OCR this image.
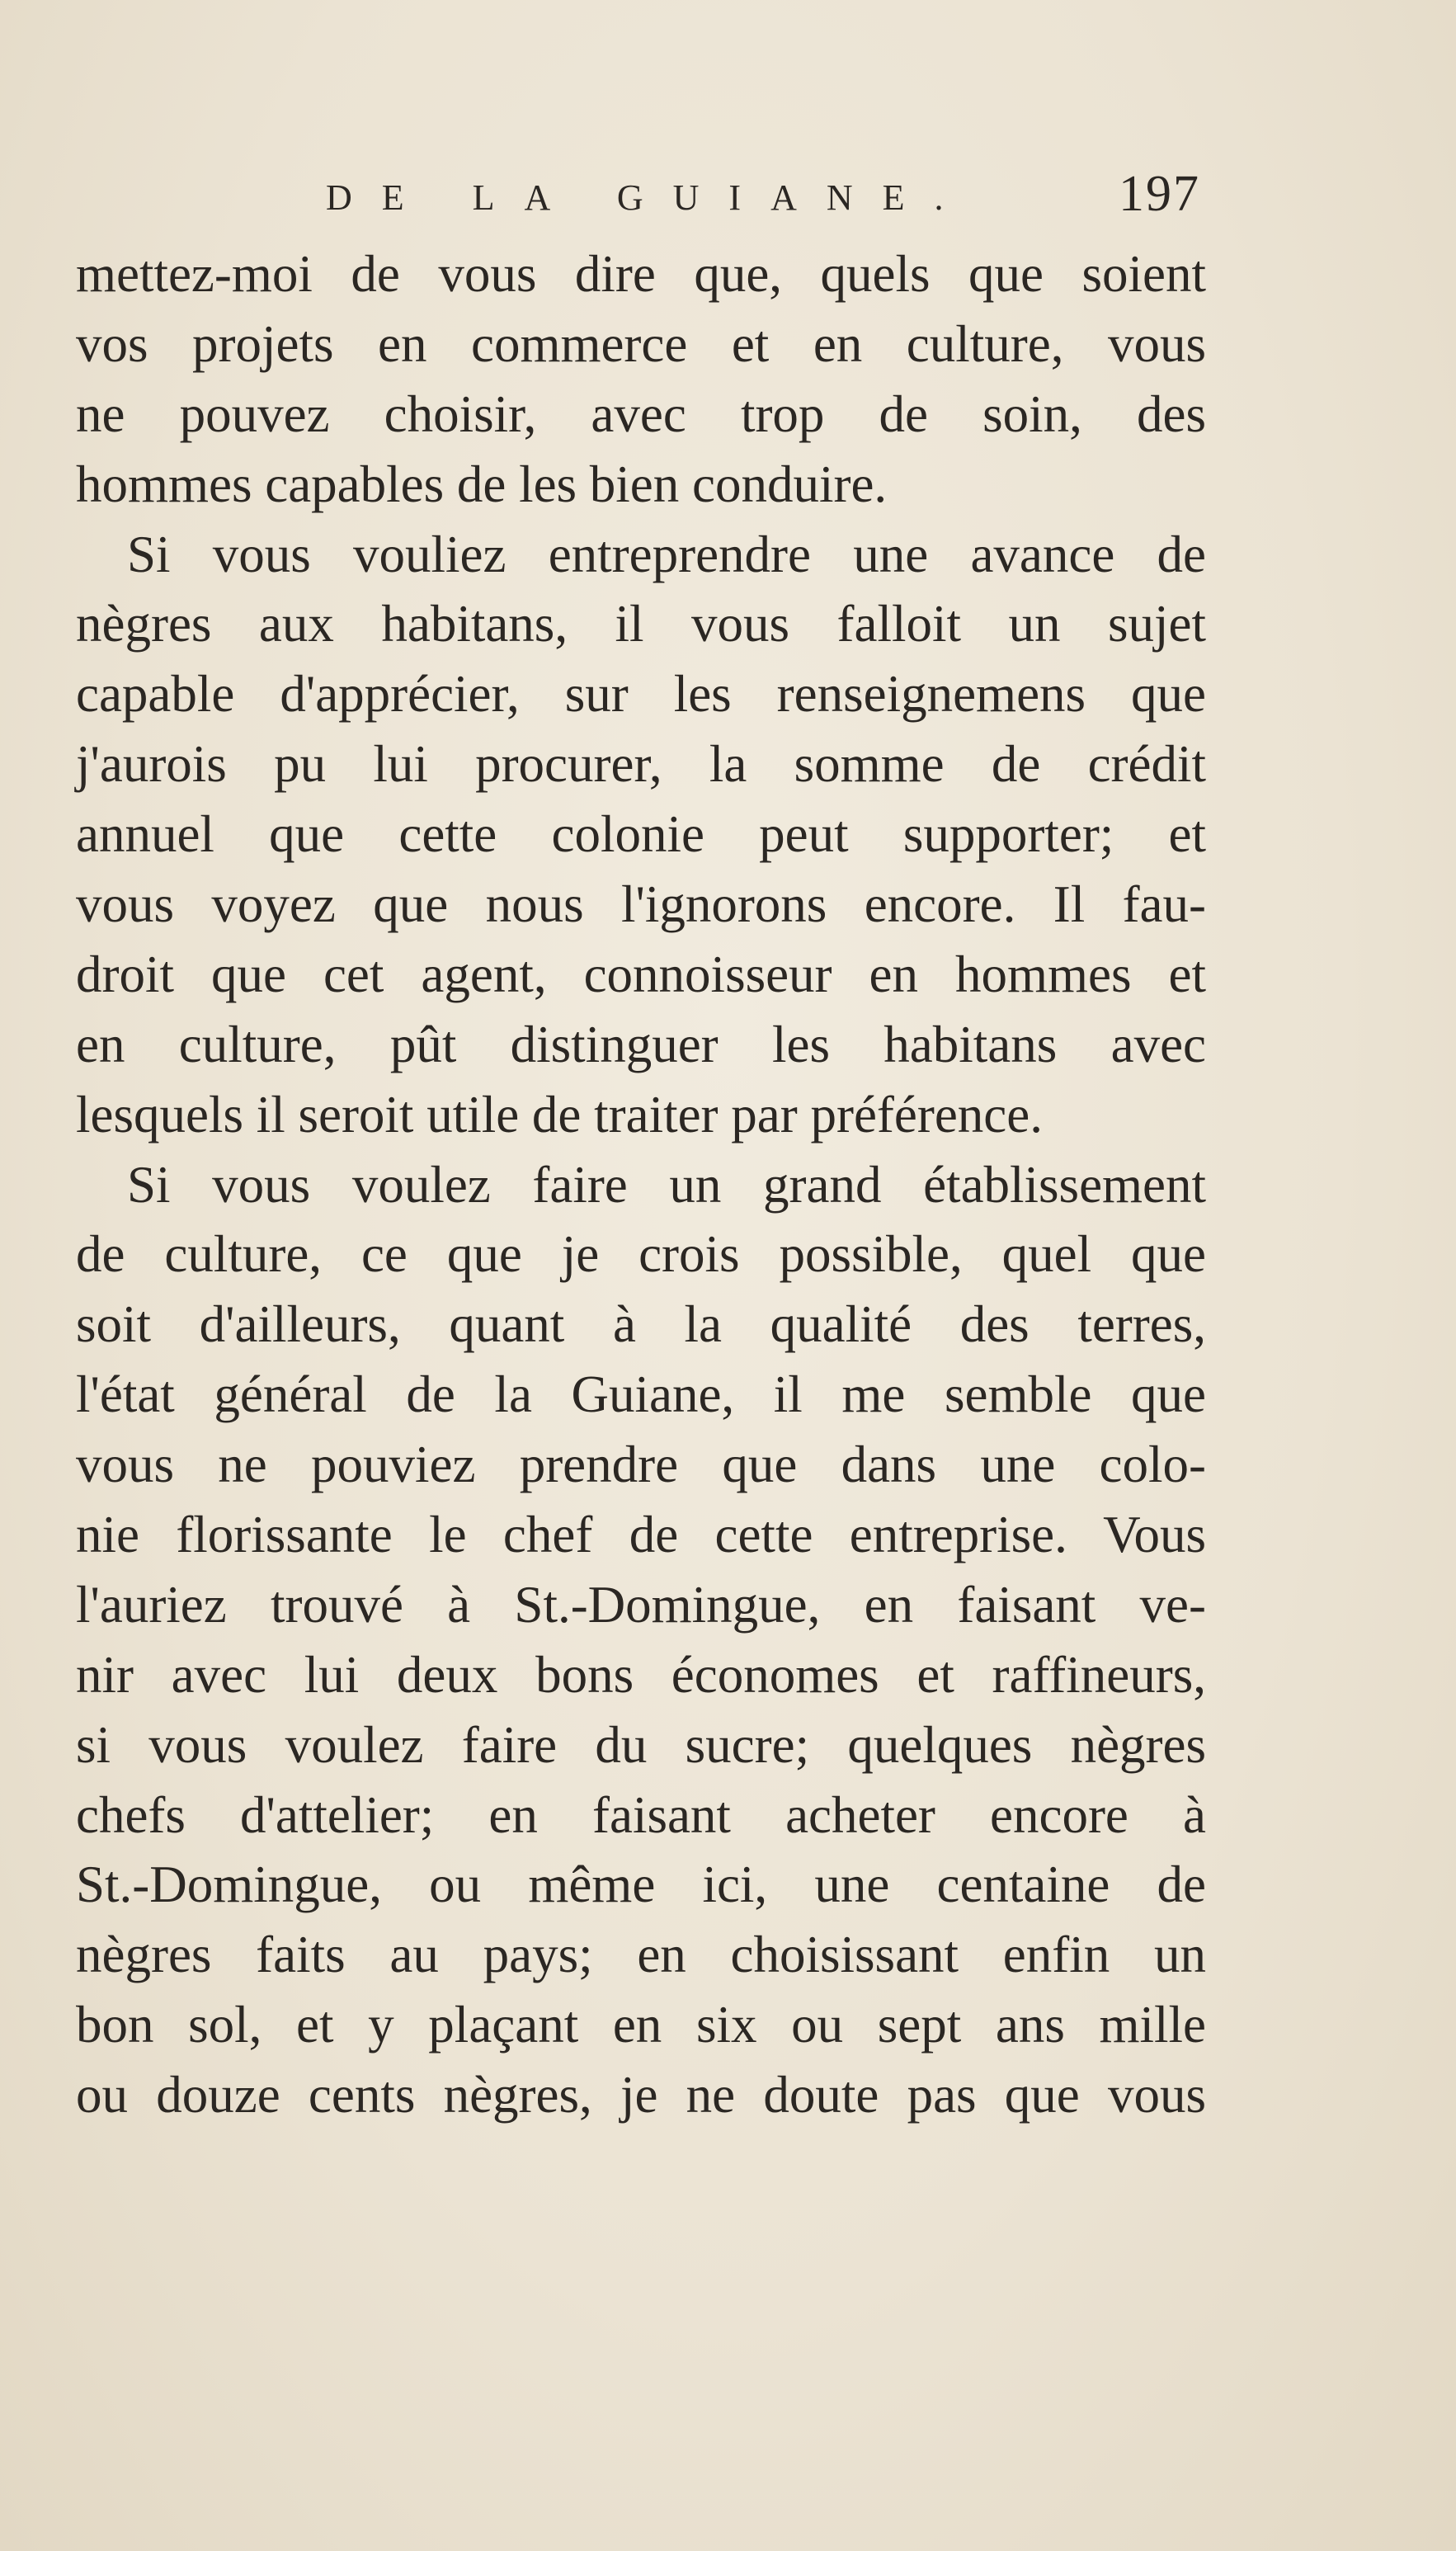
DE LA GUIANE.	197
mettez-moi de vous dire que, quels que soient
vos projets en commerce et en culture, vous
ne pouvez choisir, avec trop de soin, des
hommes capables de les bien conduire.
Si vous vouliez entreprendre une avance de
nègres aux habitans, il vous falloit un sujet
capable d'apprécier, sur les renseignemens que
j'aurois pu lui procurer, la somme de crédit
annuel que cette colonie peut supporter; et
vous voyez que nous l'ignorons encore. Il fau-
droit que cet agent, connoisseur en hommes et
en culture, pût distinguer les habitans avec
lesquels il seroit utile de traiter par préférence.
Si vous voulez faire un grand établissement
de culture, ce que je crois possible, quel que
soit d'ailleurs, quant à la qualité des terres,
l'état général de la Guiane, il me semble que
vous ne pouviez prendre que dans une colo-
nie florissante le chef de cette entreprise. Vous
l'auriez trouvé à St.-Domingue, en faisant ve-
nir avec lui deux bons économes et raffineurs,
si vous voulez faire du sucre; quelques nègres
chefs d'attelier; en faisant acheter encore à
St.-Domingue, ou même ici, une centaine de
nègres faits au pays; en choisissant enfin un
bon sol, et y plaçant en six ou sept ans mille
ou douze cents nègres, je ne doute pas que vous
